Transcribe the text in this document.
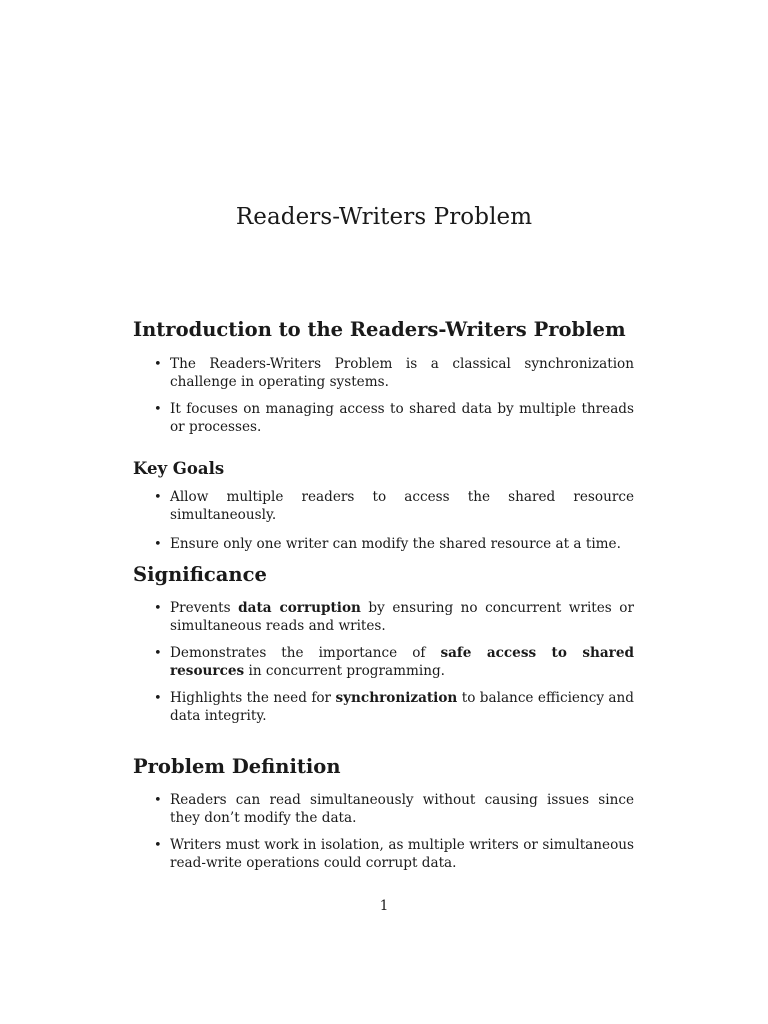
Readers-Writers Problem
Introduction to the Readers-Writers Problem
• The Readers-Writers Problem is a classical synchronization challenge in operating systems.
• It focuses on managing access to shared data by multiple threads or processes.
Key Goals
• Allow multiple readers to access the shared resource simultaneously.
• Ensure only one writer can modify the shared resource at a time.
Significance
• Prevents data corruption by ensuring no concurrent writes or simultaneous reads and writes.
• Demonstrates the importance of safe access to shared resources in concurrent programming.
• Highlights the need for synchronization to balance efficiency and data integrity.
Problem Definition
• Readers can read simultaneously without causing issues since they don’t modify the data.
• Writers must work in isolation, as multiple writers or simultaneous read-write operations could corrupt data.
1
